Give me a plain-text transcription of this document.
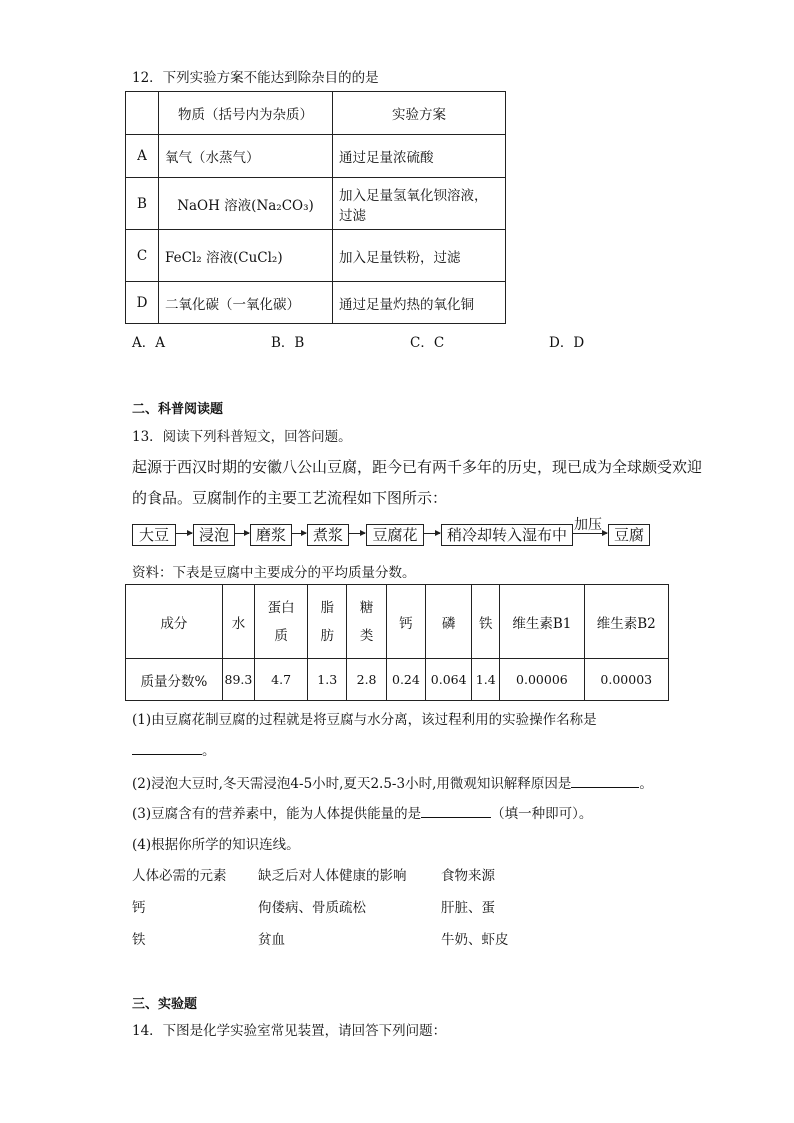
12．下列实验方案不能达到除杂目的的是
	物质（括号内为杂质）	实验方案
A	氧气（水蒸气）	通过足量浓硫酸
B	NaOH 溶液(Na₂CO₃)	加入足量氢氧化钡溶液，过滤
C	FeCl₂ 溶液(CuCl₂)	加入足量铁粉，过滤
D	二氧化碳（一氧化碳）	通过足量灼热的氧化铜
A．A	B．B	C．C	D．D
二、科普阅读题
13．阅读下列科普短文，回答问题。
起源于西汉时期的安徽八公山豆腐，距今已有两千多年的历史，现已成为全球颇受欢迎
的食品。豆腐制作的主要工艺流程如下图所示：
大豆	浸泡	磨浆	煮浆	豆腐花	稍冷却转入湿布中
加压
豆腐
资料：下表是豆腐中主要成分的平均质量分数。
成分	水	蛋白质	脂肪	糖类	钙	磷	铁	维生素B1	维生素B2
质量分数%	89.3	4.7	1.3	2.8	0.24	0.064	1.4	0.00006	0.00003
(1)由豆腐花制豆腐的过程就是将豆腐与水分离，该过程利用的实验操作名称是
。
(2)浸泡大豆时,冬天需浸泡4-5小时,夏天2.5-3小时,用微观知识解释原因是	。
(3)豆腐含有的营养素中，能为人体提供能量的是	（填一种即可）。
(4)根据你所学的知识连线。
人体必需的元素 缺乏后对人体健康的影响	食物来源
钙	佝偻病、骨质疏松	肝脏、蛋
铁	贫血	牛奶、虾皮
三、实验题
14．下图是化学实验室常见装置，请回答下列问题：
